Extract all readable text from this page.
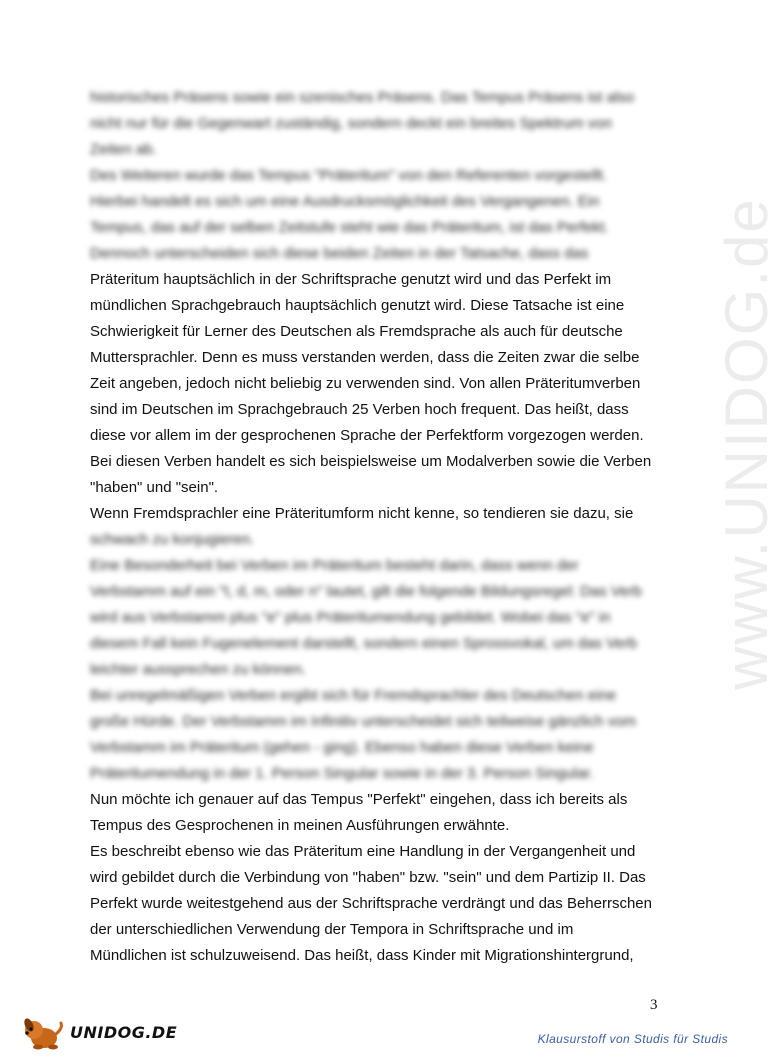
www.UNIDOG.de
historisches Präsens sowie ein szenisches Präsens. Das Tempus Präsens ist also
nicht nur für die Gegenwart zuständig, sondern deckt ein breites Spektrum von
Zeiten ab.
Des Weiteren wurde das Tempus "Präteritum" von den Referenten vorgestellt.
Hierbei handelt es sich um eine Ausdrucksmöglichkeit des Vergangenen. Ein
Tempus, das auf der selben Zeitstufe steht wie das Präteritum, ist das Perfekt.
Dennoch unterscheiden sich diese beiden Zeiten in der Tatsache, dass das
Präteritum hauptsächlich in der Schriftsprache genutzt wird und das Perfekt im
mündlichen Sprachgebrauch hauptsächlich genutzt wird. Diese Tatsache ist eine
Schwierigkeit für Lerner des Deutschen als Fremdsprache als auch für deutsche
Muttersprachler. Denn es muss verstanden werden, dass die Zeiten zwar die selbe
Zeit angeben, jedoch nicht beliebig zu verwenden sind. Von allen Präteritumverben
sind im Deutschen im Sprachgebrauch 25 Verben hoch frequent. Das heißt, dass
diese vor allem im der gesprochenen Sprache der Perfektform vorgezogen werden.
Bei diesen Verben handelt es sich beispielsweise um Modalverben sowie die Verben
"haben" und "sein".
Wenn Fremdsprachler eine Präteritumform nicht kenne, so tendieren sie dazu, sie
schwach zu konjugieren.
Eine Besonderheit bei Verben im Präteritum besteht darin, dass wenn der
Verbstamm auf ein "t, d, m, oder n" lautet, gilt die folgende Bildungsregel: Das Verb
wird aus Verbstamm plus "e" plus Präteritumendung gebildet. Wobei das "e" in
diesem Fall kein Fugenelement darstellt, sondern einen Sprossvokal, um das Verb
leichter aussprechen zu können.
Bei unregelmäßigen Verben ergibt sich für Fremdsprachler des Deutschen eine
große Hürde. Der Verbstamm im Infinitiv unterscheidet sich teilweise gänzlich vom
Verbstamm im Präteritum (gehen - ging). Ebenso haben diese Verben keine
Präteritumendung in der 1. Person Singular sowie in der 3. Person Singular.
Nun möchte ich genauer auf das Tempus "Perfekt" eingehen, dass ich bereits als
Tempus des Gesprochenen in meinen Ausführungen erwähnte.
Es beschreibt ebenso wie das Präteritum eine Handlung in der Vergangenheit und
wird gebildet durch die Verbindung von "haben" bzw. "sein" und dem Partizip II. Das
Perfekt wurde weitestgehend aus der Schriftsprache verdrängt und das Beherrschen
der unterschiedlichen Verwendung der Tempora in Schriftsprache und im
Mündlichen ist schulzuweisend. Das heißt, dass Kinder mit Migrationshintergrund,
3
UNIDOG.DE	Klausurstoff von Studis für Studis
